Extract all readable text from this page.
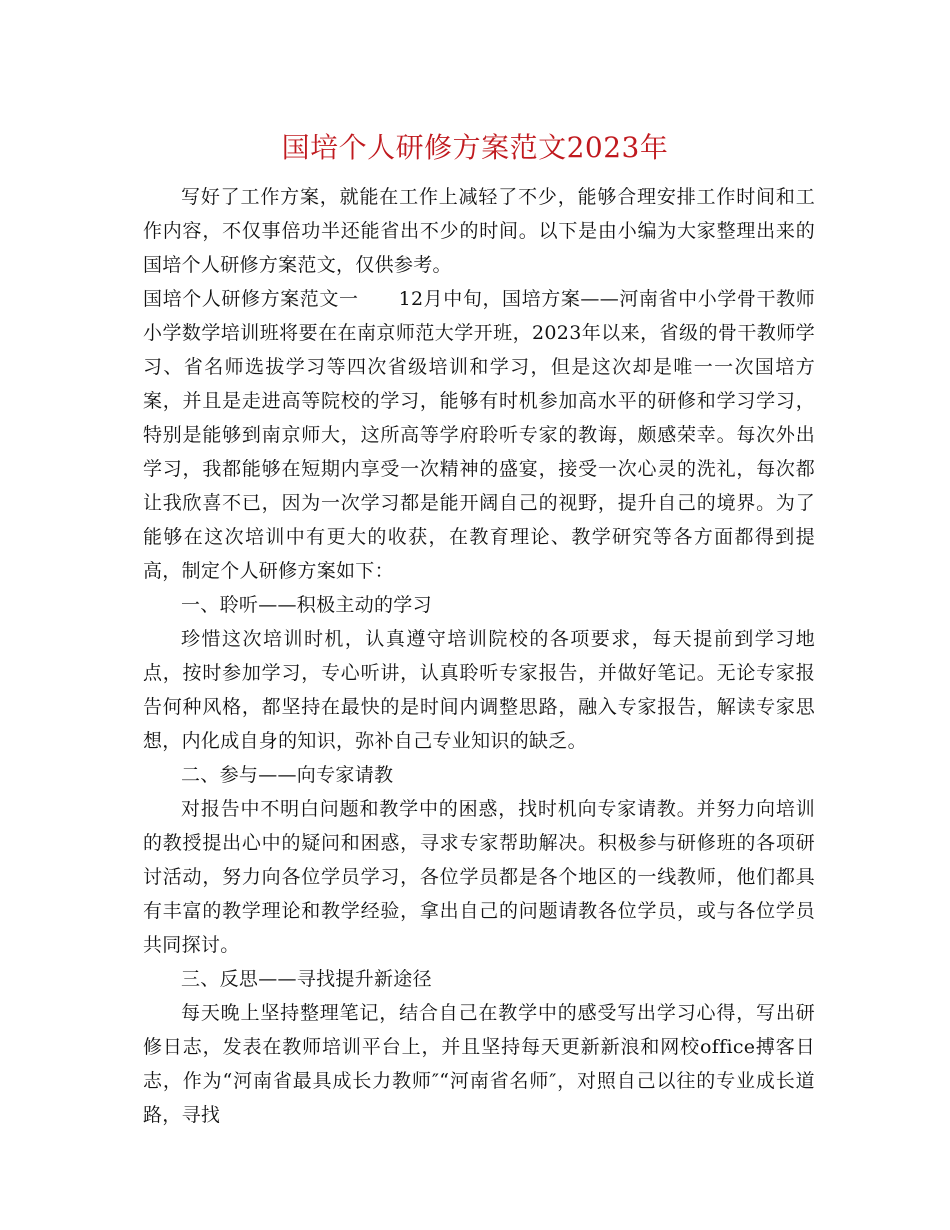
国培个人研修方案范文2023年

写好了工作方案，就能在工作上减轻了不少，能够合理安排工作时间和工作内容，不仅事倍功半还能省出不少的时间。以下是由小编为大家整理出来的国培个人研修方案范文，仅供参考。

国培个人研修方案范文一 12月中旬，国培方案——河南省中小学骨干教师小学数学培训班将要在在南京师范大学开班，2023年以来，省级的骨干教师学习、省名师选拔学习等四次省级培训和学习，但是这次却是唯一一次国培方案，并且是走进高等院校的学习，能够有时机参加高水平的研修和学习学习，特别是能够到南京师大，这所高等学府聆听专家的教诲，颇感荣幸。每次外出学习，我都能够在短期内享受一次精神的盛宴，接受一次心灵的洗礼，每次都让我欣喜不已，因为一次学习都是能开阔自己的视野，提升自己的境界。为了能够在这次培训中有更大的收获，在教育理论、教学研究等各方面都得到提高，制定个人研修方案如下：

一、聆听——积极主动的学习

珍惜这次培训时机，认真遵守培训院校的各项要求，每天提前到学习地点，按时参加学习，专心听讲，认真聆听专家报告，并做好笔记。无论专家报告何种风格，都坚持在最快的是时间内调整思路，融入专家报告，解读专家思想，内化成自身的知识，弥补自己专业知识的缺乏。

二、参与——向专家请教

对报告中不明白问题和教学中的困惑，找时机向专家请教。并努力向培训的教授提出心中的疑问和困惑，寻求专家帮助解决。积极参与研修班的各项研讨活动，努力向各位学员学习，各位学员都是各个地区的一线教师，他们都具有丰富的教学理论和教学经验，拿出自己的问题请教各位学员，或与各位学员共同探讨。

三、反思——寻找提升新途径

每天晚上坚持整理笔记，结合自己在教学中的感受写出学习心得，写出研修日志，发表在教师培训平台上，并且坚持每天更新新浪和网校office搏客日志，作为“河南省最具成长力教师″“河南省名师″，对照自己以往的专业成长道路，寻找
